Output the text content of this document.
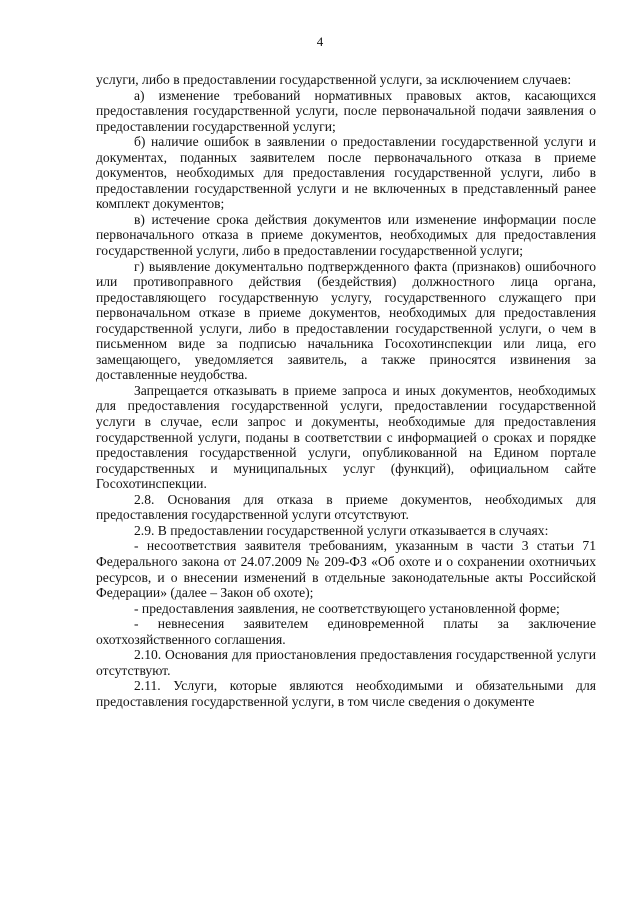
4

услуги, либо в предоставлении государственной услуги, за исключением случаев:

а) изменение требований нормативных правовых актов, касающихся предоставления государственной услуги, после первоначальной подачи заявления о предоставлении государственной услуги;

б) наличие ошибок в заявлении о предоставлении государственной услуги и документах, поданных заявителем после первоначального отказа в приеме документов, необходимых для предоставления государственной услуги, либо в предоставлении государственной услуги и не включенных в представленный ранее комплект документов;

в) истечение срока действия документов или изменение информации после первоначального отказа в приеме документов, необходимых для предоставления государственной услуги, либо в предоставлении государственной услуги;

г) выявление документально подтвержденного факта (признаков) ошибочного или противоправного действия (бездействия) должностного лица органа, предоставляющего государственную услугу, государственного служащего при первоначальном отказе в приеме документов, необходимых для предоставления государственной услуги, либо в предоставлении государственной услуги, о чем в письменном виде за подписью начальника Госохотинспекции или лица, его замещающего, уведомляется заявитель, а также приносятся извинения за доставленные неудобства.

Запрещается отказывать в приеме запроса и иных документов, необходимых для предоставления государственной услуги, предоставлении государственной услуги в случае, если запрос и документы, необходимые для предоставления государственной услуги, поданы в соответствии с информацией о сроках и порядке предоставления государственной услуги, опубликованной на Едином портале государственных и муниципальных услуг (функций), официальном сайте Госохотинспекции.

2.8. Основания для отказа в приеме документов, необходимых для предоставления государственной услуги отсутствуют.

2.9. В предоставлении государственной услуги отказывается в случаях:

- несоответствия заявителя требованиям, указанным в части 3 статьи 71 Федерального закона от 24.07.2009 № 209-ФЗ «Об охоте и о сохранении охотничьих ресурсов, и о внесении изменений в отдельные законодательные акты Российской Федерации» (далее – Закон об охоте);

- предоставления заявления, не соответствующего установленной форме;

- невнесения заявителем единовременной платы за заключение охотхозяйственного соглашения.

2.10. Основания для приостановления предоставления государственной услуги отсутствуют.

2.11. Услуги, которые являются необходимыми и обязательными для предоставления государственной услуги, в том числе сведения о документе
